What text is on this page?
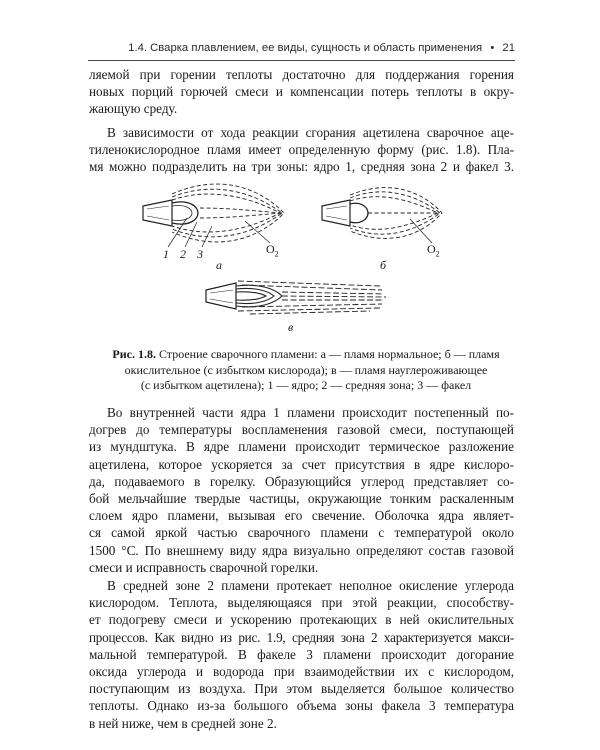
1.4. Сварка плавлением, ее виды, сущность и область применения • 21

ляемой при горении теплоты достаточно для поддержания горения

новых порций горючей смеси и компенсации потерь теплоты в окру-

жающую среду.

В зависимости от хода реакции сгорания ацетилена сварочное аце-

тиленокислородное пламя имеет определенную форму (рис. 1.8). Пла-

мя можно подразделить на три зоны: ядро 1, средняя зона 2 и факел 3.

1 2 3	$O_2$	$O_2$
а	б
в
Рис. 1.8. Строение сварочного пламени: а — пламя нормальное; б — пламя
окислительное (с избытком кислорода); в — пламя науглероживающее
(с избытком ацетилена); 1 — ядро; 2 — средняя зона; 3 — факел

Во внутренней части ядра 1 пламени происходит постепенный по-

догрев до температуры воспламенения газовой смеси, поступающей

из мундштука. В ядре пламени происходит термическое разложение

ацетилена, которое ускоряется за счет присутствия в ядре кислоро-

да, подаваемого в горелку. Образующийся углерод представляет со-

бой мельчайшие твердые частицы, окружающие тонким раскаленным

слоем ядро пламени, вызывая его свечение. Оболочка ядра являет-

ся самой яркой частью сварочного пламени с температурой около

1500 °С. По внешнему виду ядра визуально определяют состав газовой

смеси и исправность сварочной горелки.

В средней зоне 2 пламени протекает неполное окисление углерода

кислородом. Теплота, выделяющаяся при этой реакции, способству-

ет подогреву смеси и ускорению протекающих в ней окислительных

процессов. Как видно из рис. 1.9, средняя зона 2 характеризуется макси-

мальной температурой. В факеле 3 пламени происходит догорание

оксида углерода и водорода при взаимодействии их с кислородом,

поступающим из воздуха. При этом выделяется большое количество

теплоты. Однако из-за большого объема зоны факела 3 температура

в ней ниже, чем в средней зоне 2.
